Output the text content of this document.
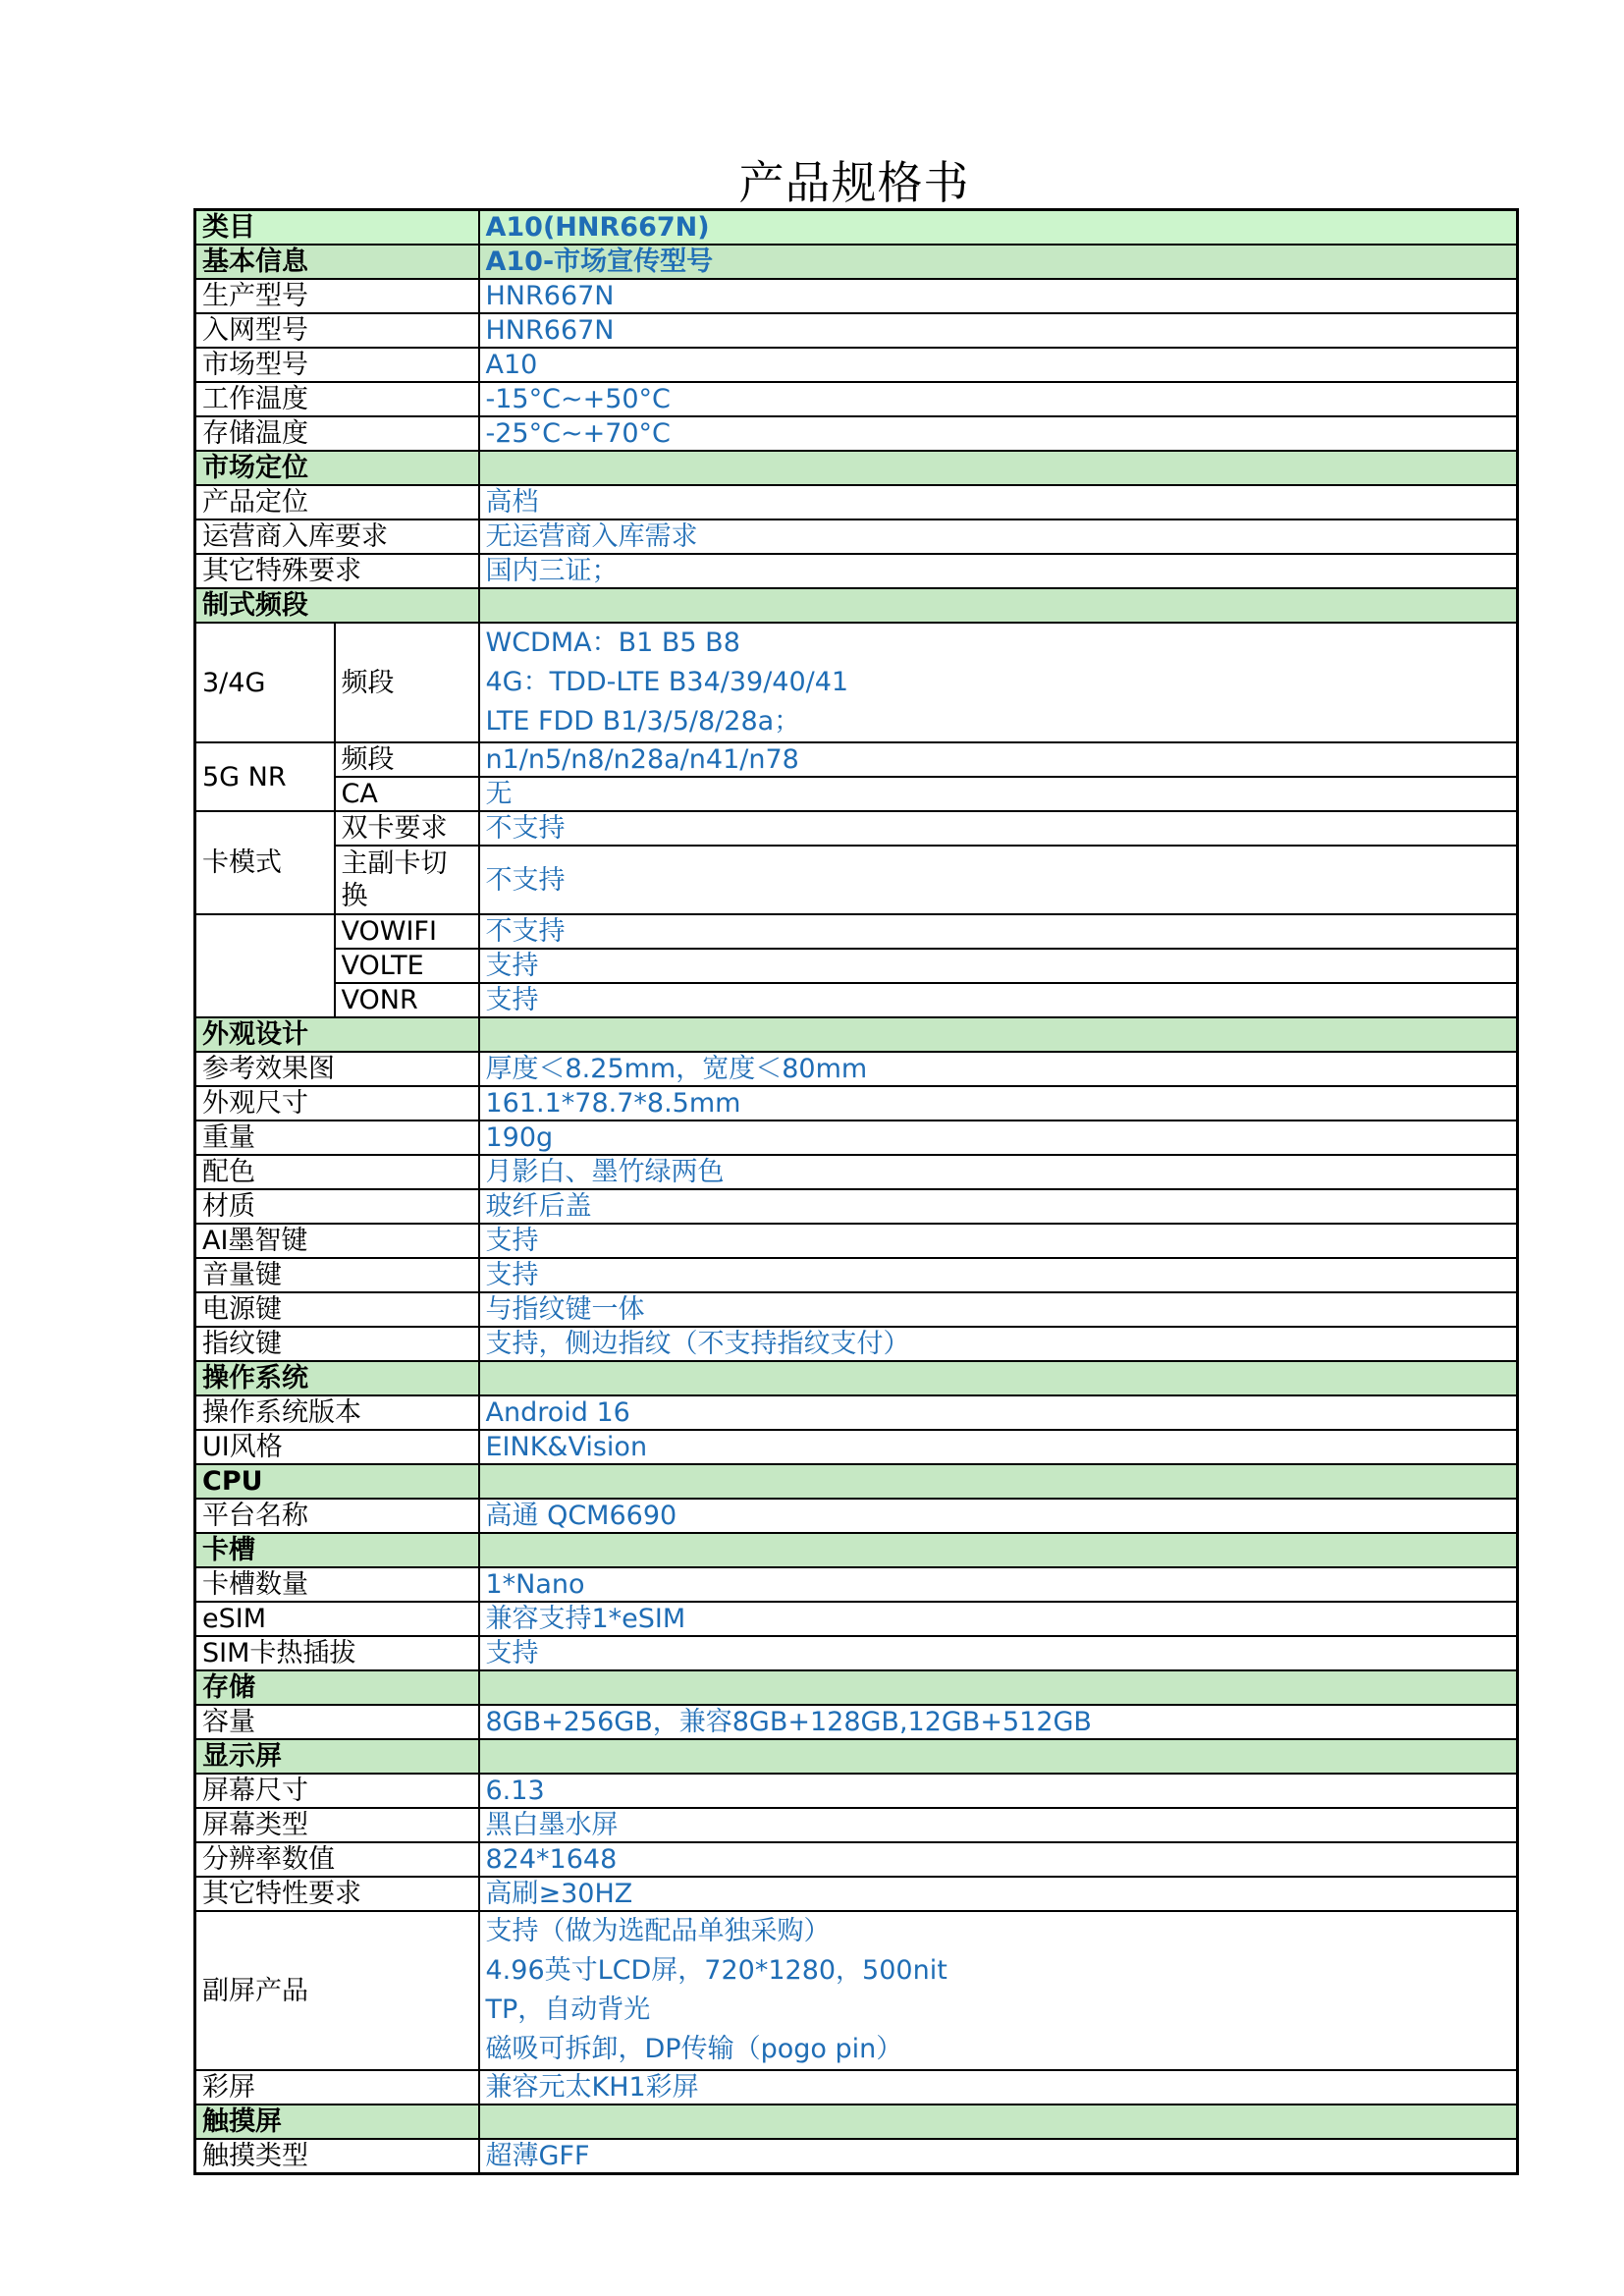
产品规格书
类目		A10(HNR667N)
基本信息		A10-市场宣传型号
生产型号		HNR667N
入网型号		HNR667N
市场型号		A10
工作温度		-15°C~+50°C
存储温度		-25°C~+70°C
市场定位		
产品定位		高档
运营商入库要求		无运营商入库需求
其它特殊要求		国内三证；
制式频段		
3/4G	频段	WCDMA：B1 B5 B8
4G：TDD-LTE B34/39/40/41
LTE FDD B1/3/5/8/28a；

5G NR	频段	n1/n5/n8/n28a/n41/n78
	CA	无
卡模式	双卡要求	不支持
	主副卡切换	不支持
	VOWIFI	不支持
	VOLTE	支持
	VONR	支持
外观设计		
参考效果图		厚度＜8.25mm，宽度＜80mm
外观尺寸		161.1*78.7*8.5mm
重量		190g
配色		月影白、墨竹绿两色
材质		玻纤后盖
AI墨智键		支持
音量键		支持
电源键		与指纹键一体
指纹键		支持，侧边指纹（不支持指纹支付）
操作系统		
操作系统版本		Android 16
UI风格		EINK&Vision
CPU		
平台名称		高通 QCM6690
卡槽		
卡槽数量		1*Nano
eSIM		兼容支持1*eSIM
SIM卡热插拔		支持
存储		
容量		8GB+256GB，兼容8GB+128GB,12GB+512GB
显示屏		
屏幕尺寸		6.13
屏幕类型		黑白墨水屏
分辨率数值		824*1648
其它特性要求		高刷≥30HZ
副屏产品		支持（做为选配品单独采购）
4.96英寸LCD屏，720*1280，500nit
TP，自动背光
磁吸可拆卸，DP传输（pogo pin）

彩屏		兼容元太KH1彩屏
触摸屏		
触摸类型		超薄GFF
